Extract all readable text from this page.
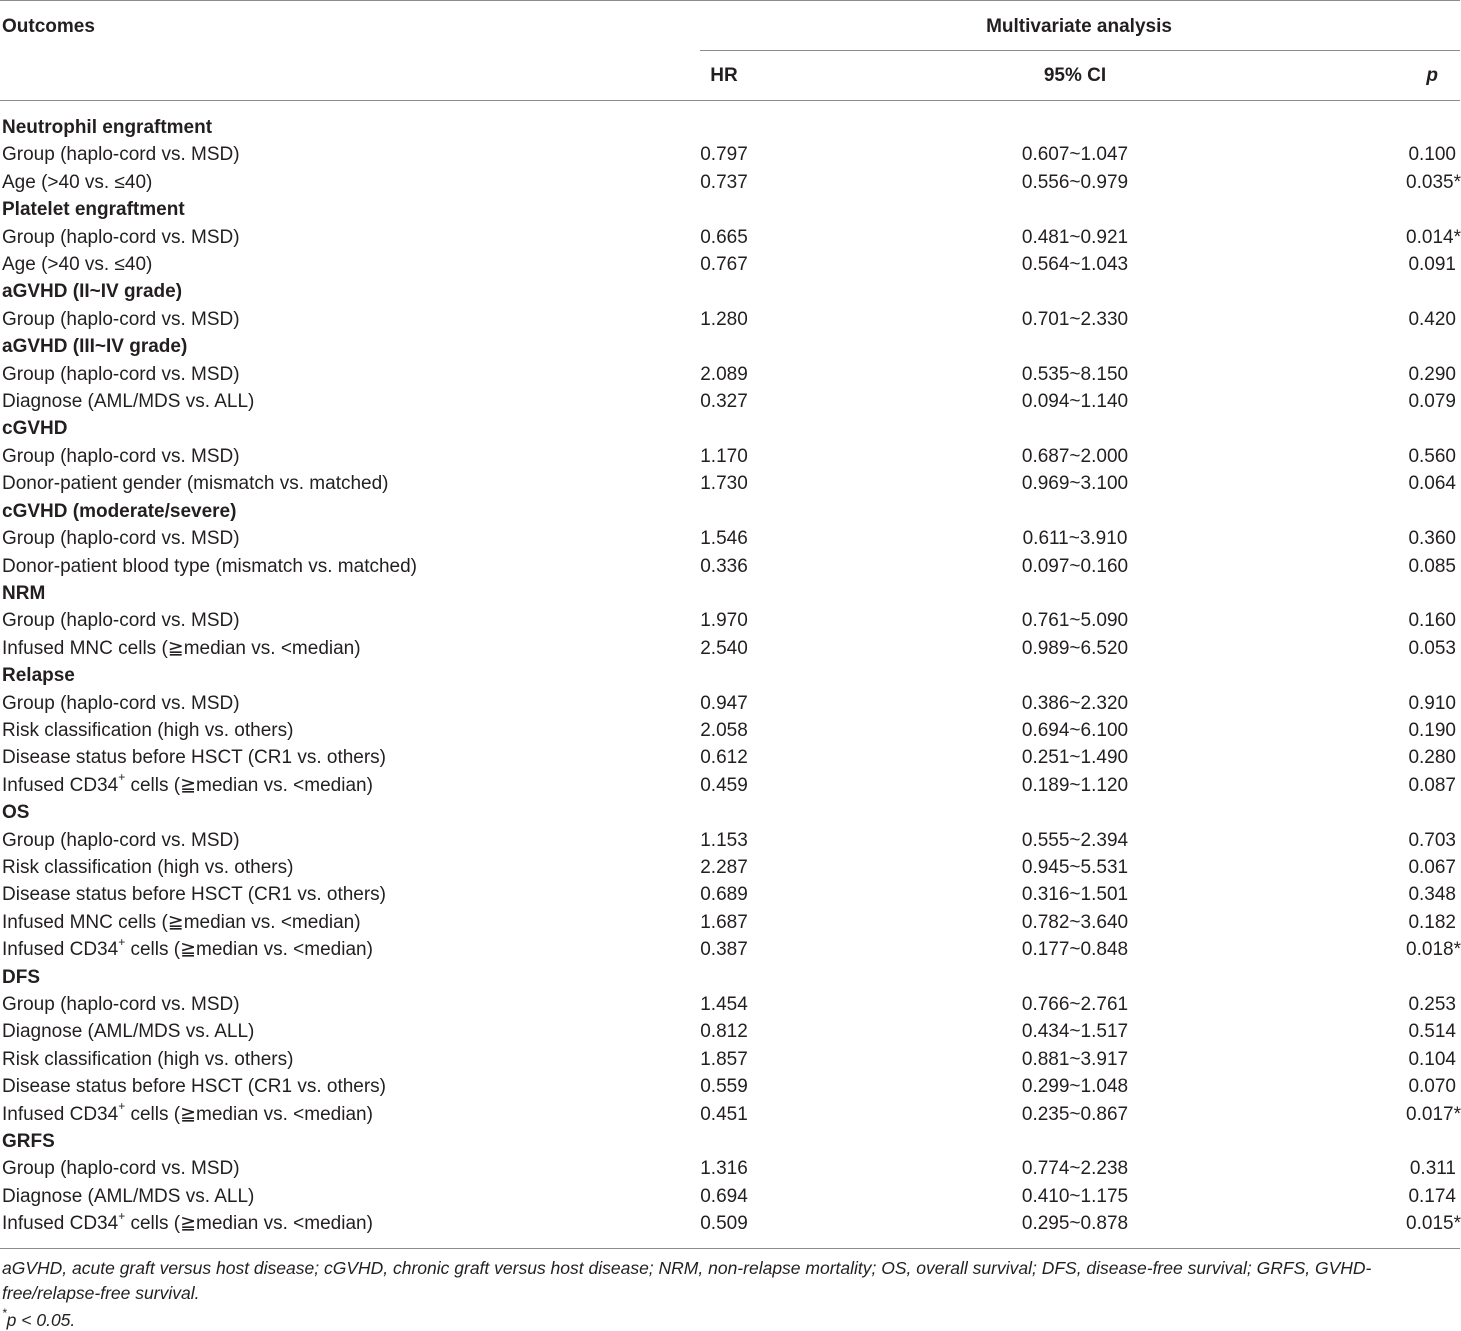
Outcomes	Multivariate analysis
HR	95% CI	p
Neutrophil engraftment
Group (haplo-cord vs. MSD)	0.797	0.607~1.047	0.100
Age (>40 vs. ≤40)	0.737	0.556~0.979	0.035*
Platelet engraftment
Group (haplo-cord vs. MSD)	0.665	0.481~0.921	0.014*
Age (>40 vs. ≤40)	0.767	0.564~1.043	0.091
aGVHD (II~IV grade)
Group (haplo-cord vs. MSD)	1.280	0.701~2.330	0.420
aGVHD (III~IV grade)
Group (haplo-cord vs. MSD)	2.089	0.535~8.150	0.290
Diagnose (AML/MDS vs. ALL)	0.327	0.094~1.140	0.079
cGVHD
Group (haplo-cord vs. MSD)	1.170	0.687~2.000	0.560
Donor-patient gender (mismatch vs. matched)	1.730	0.969~3.100	0.064
cGVHD (moderate/severe)
Group (haplo-cord vs. MSD)	1.546	0.611~3.910	0.360
Donor-patient blood type (mismatch vs. matched)	0.336	0.097~0.160	0.085
NRM
Group (haplo-cord vs. MSD)	1.970	0.761~5.090	0.160
Infused MNC cells (≧median vs. <median)	2.540	0.989~6.520	0.053
Relapse
Group (haplo-cord vs. MSD)	0.947	0.386~2.320	0.910
Risk classification (high vs. others)	2.058	0.694~6.100	0.190
Disease status before HSCT (CR1 vs. others)	0.612	0.251~1.490	0.280
Infused CD34+ cells (≧median vs. <median)	0.459	0.189~1.120	0.087
OS
Group (haplo-cord vs. MSD)	1.153	0.555~2.394	0.703
Risk classification (high vs. others)	2.287	0.945~5.531	0.067
Disease status before HSCT (CR1 vs. others)	0.689	0.316~1.501	0.348
Infused MNC cells (≧median vs. <median)	1.687	0.782~3.640	0.182
Infused CD34+ cells (≧median vs. <median)	0.387	0.177~0.848	0.018*
DFS
Group (haplo-cord vs. MSD)	1.454	0.766~2.761	0.253
Diagnose (AML/MDS vs. ALL)	0.812	0.434~1.517	0.514
Risk classification (high vs. others)	1.857	0.881~3.917	0.104
Disease status before HSCT (CR1 vs. others)	0.559	0.299~1.048	0.070
Infused CD34+ cells (≧median vs. <median)	0.451	0.235~0.867	0.017*
GRFS
Group (haplo-cord vs. MSD)	1.316	0.774~2.238	0.311
Diagnose (AML/MDS vs. ALL)	0.694	0.410~1.175	0.174
Infused CD34+ cells (≧median vs. <median)	0.509	0.295~0.878	0.015*
aGVHD, acute graft versus host disease; cGVHD, chronic graft versus host disease; NRM, non-relapse mortality; OS, overall survival; DFS, disease-free survival; GRFS, GVHD-free/relapse-free survival.
*p < 0.05.
